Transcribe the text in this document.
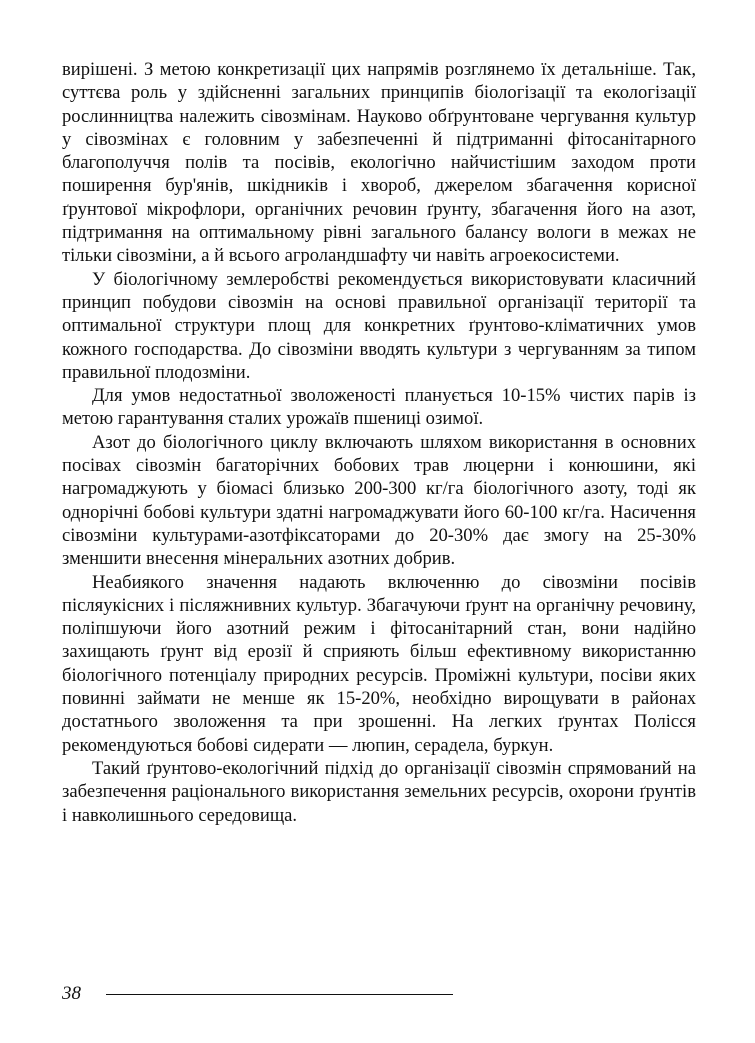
вирішені. З метою конкретизації цих напрямів розглянемо їх детальніше. Так, суттєва роль у здійсненні загальних принципів біологізації та екологізації рослинництва належить сівозмінам. Науково обґрунтоване чергування культур у сівозмінах є головним у забезпеченні й підтриманні фітосанітарного благополуччя полів та посівів, екологічно найчистішим заходом проти поширення бур'янів, шкідників і хвороб, джерелом збагачення корисної ґрунтової мікрофлори, органічних речовин ґрунту, збагачення його на азот, підтримання на оптимальному рівні загального балансу вологи в межах не тільки сівозміни, а й всього агроландшафту чи навіть агроекосистеми.

У біологічному землеробстві рекомендується використовувати класичний принцип побудови сівозмін на основі правильної організації території та оптимальної структури площ для конкретних ґрунтово-кліматичних умов кожного господарства. До сівозміни вводять культури з чергуванням за типом правильної плодозміни.

Для умов недостатньої зволоженості планується 10-15% чистих парів із метою гарантування сталих урожаїв пшениці озимої.

Азот до біологічного циклу включають шляхом використання в основних посівах сівозмін багаторічних бобових трав люцерни і конюшини, які нагромаджують у біомасі близько 200-300 кг/га біологічного азоту, тоді як однорічні бобові культури здатні нагромаджувати його 60-100 кг/га. Насичення сівозміни культурами-азотфіксаторами до 20-30% дає змогу на 25-30% зменшити внесення мінеральних азотних добрив.

Неабиякого значення надають включенню до сівозміни посівів післяукісних і післяжнивних культур. Збагачуючи ґрунт на органічну речовину, поліпшуючи його азотний режим і фітосанітарний стан, вони надійно захищають ґрунт від ерозії й сприяють більш ефективному використанню біологічного потенціалу природних ресурсів. Проміжні культури, посіви яких повинні займати не менше як 15-20%, необхідно вирощувати в районах достатнього зволоження та при зрошенні. На легких ґрунтах Полісся рекомендуються бобові сидерати — люпин, серадела, буркун.

Такий ґрунтово-екологічний підхід до організації сівозмін спрямований на забезпечення раціонального використання земельних ресурсів, охорони ґрунтів і навколишнього середовища.

38
